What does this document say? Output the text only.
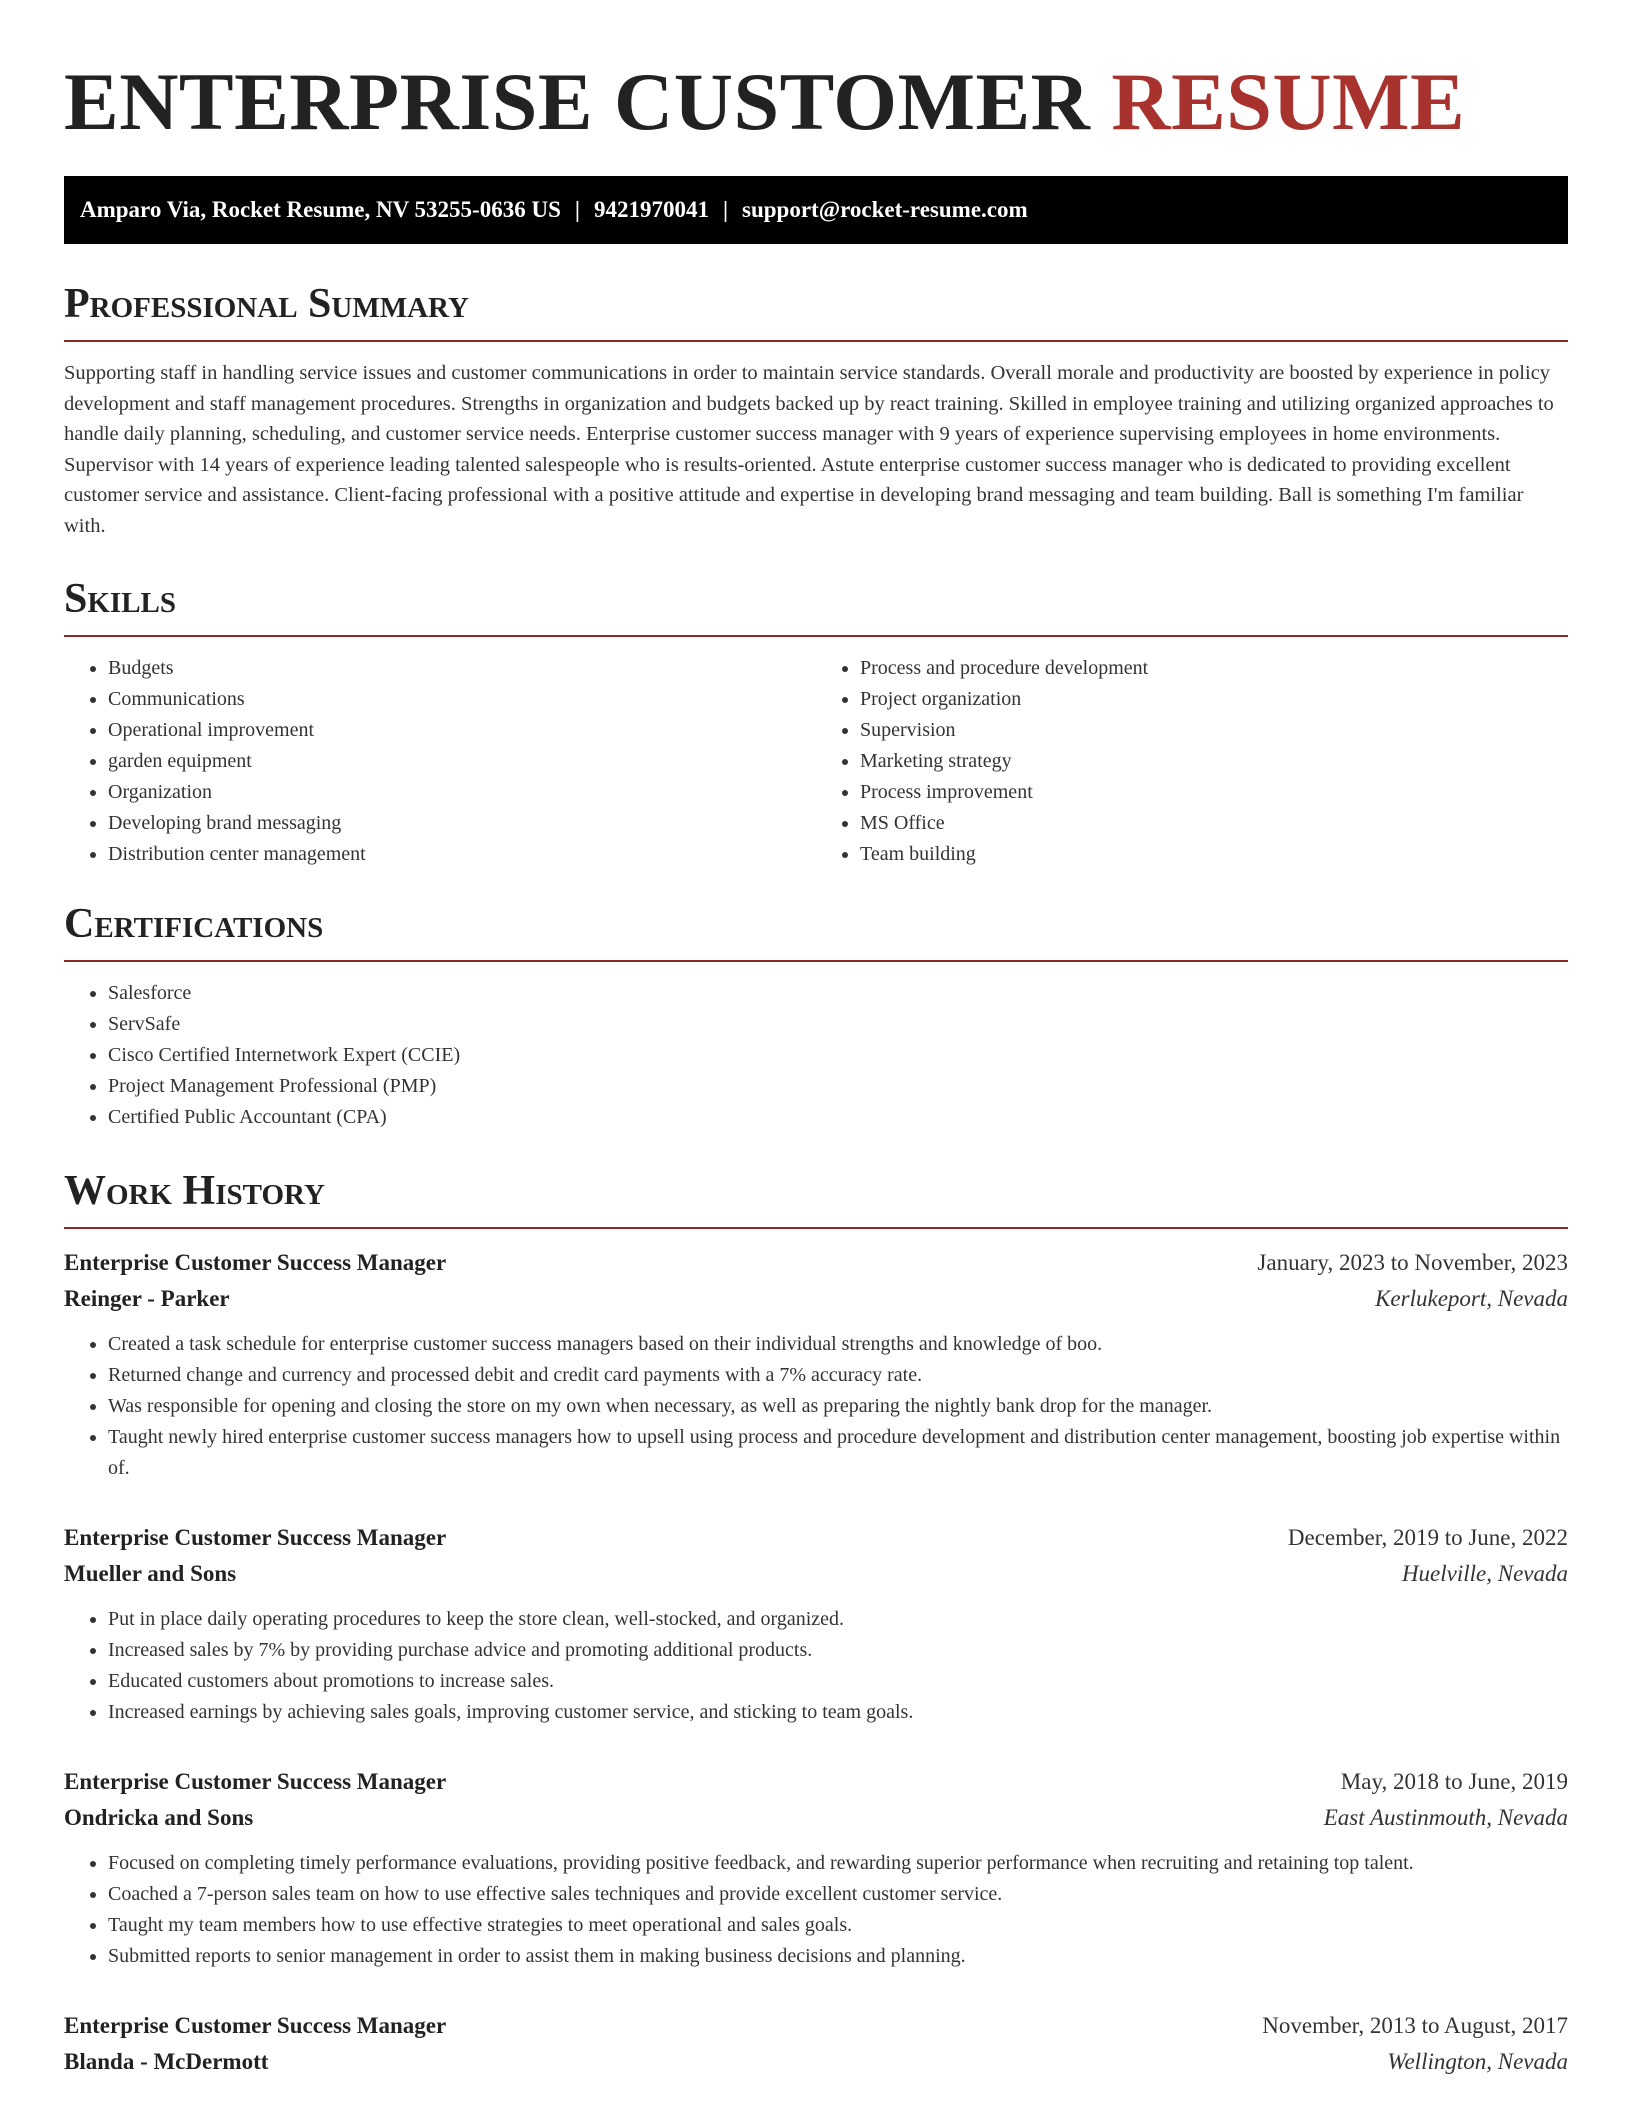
ENTERPRISE CUSTOMER RESUME
Amparo Via, Rocket Resume, NV 53255-0636 US | 9421970041 | support@rocket-resume.com
Professional Summary

Supporting staff in handling service issues and customer communications in order to maintain service standards. Overall morale and productivity are boosted by experience in policy development and staff management procedures. Strengths in organization and budgets backed up by react training. Skilled in employee training and utilizing organized approaches to handle daily planning, scheduling, and customer service needs. Enterprise customer success manager with 9 years of experience supervising employees in home environments. Supervisor with 14 years of experience leading talented salespeople who is results-oriented. Astute enterprise customer success manager who is dedicated to providing excellent customer service and assistance. Client-facing professional with a positive attitude and expertise in developing brand messaging and team building. Ball is something I'm familiar with.

Skills
• Budgets
• Communications
• Operational improvement
• garden equipment
• Organization
• Developing brand messaging
• Distribution center management
• Process and procedure development
• Project organization
• Supervision
• Marketing strategy
• Process improvement
• MS Office
• Team building
Certifications
• Salesforce
• ServSafe
• Cisco Certified Internetwork Expert (CCIE)
• Project Management Professional (PMP)
• Certified Public Accountant (CPA)
Work History
Enterprise Customer Success Manager	January, 2023 to November, 2023
Reinger - Parker	Kerlukeport, Nevada
• Created a task schedule for enterprise customer success managers based on their individual strengths and knowledge of boo.
• Returned change and currency and processed debit and credit card payments with a 7% accuracy rate.
• Was responsible for opening and closing the store on my own when necessary, as well as preparing the nightly bank drop for the manager.
• Taught newly hired enterprise customer success managers how to upsell using process and procedure development and distribution center management, boosting job expertise within of.
Enterprise Customer Success Manager	December, 2019 to June, 2022
Mueller and Sons	Huelville, Nevada
• Put in place daily operating procedures to keep the store clean, well-stocked, and organized.
• Increased sales by 7% by providing purchase advice and promoting additional products.
• Educated customers about promotions to increase sales.
• Increased earnings by achieving sales goals, improving customer service, and sticking to team goals.
Enterprise Customer Success Manager	May, 2018 to June, 2019
Ondricka and Sons	East Austinmouth, Nevada
• Focused on completing timely performance evaluations, providing positive feedback, and rewarding superior performance when recruiting and retaining top talent.
• Coached a 7-person sales team on how to use effective sales techniques and provide excellent customer service.
• Taught my team members how to use effective strategies to meet operational and sales goals.
• Submitted reports to senior management in order to assist them in making business decisions and planning.
Enterprise Customer Success Manager	November, 2013 to August, 2017
Blanda - McDermott	Wellington, Nevada
